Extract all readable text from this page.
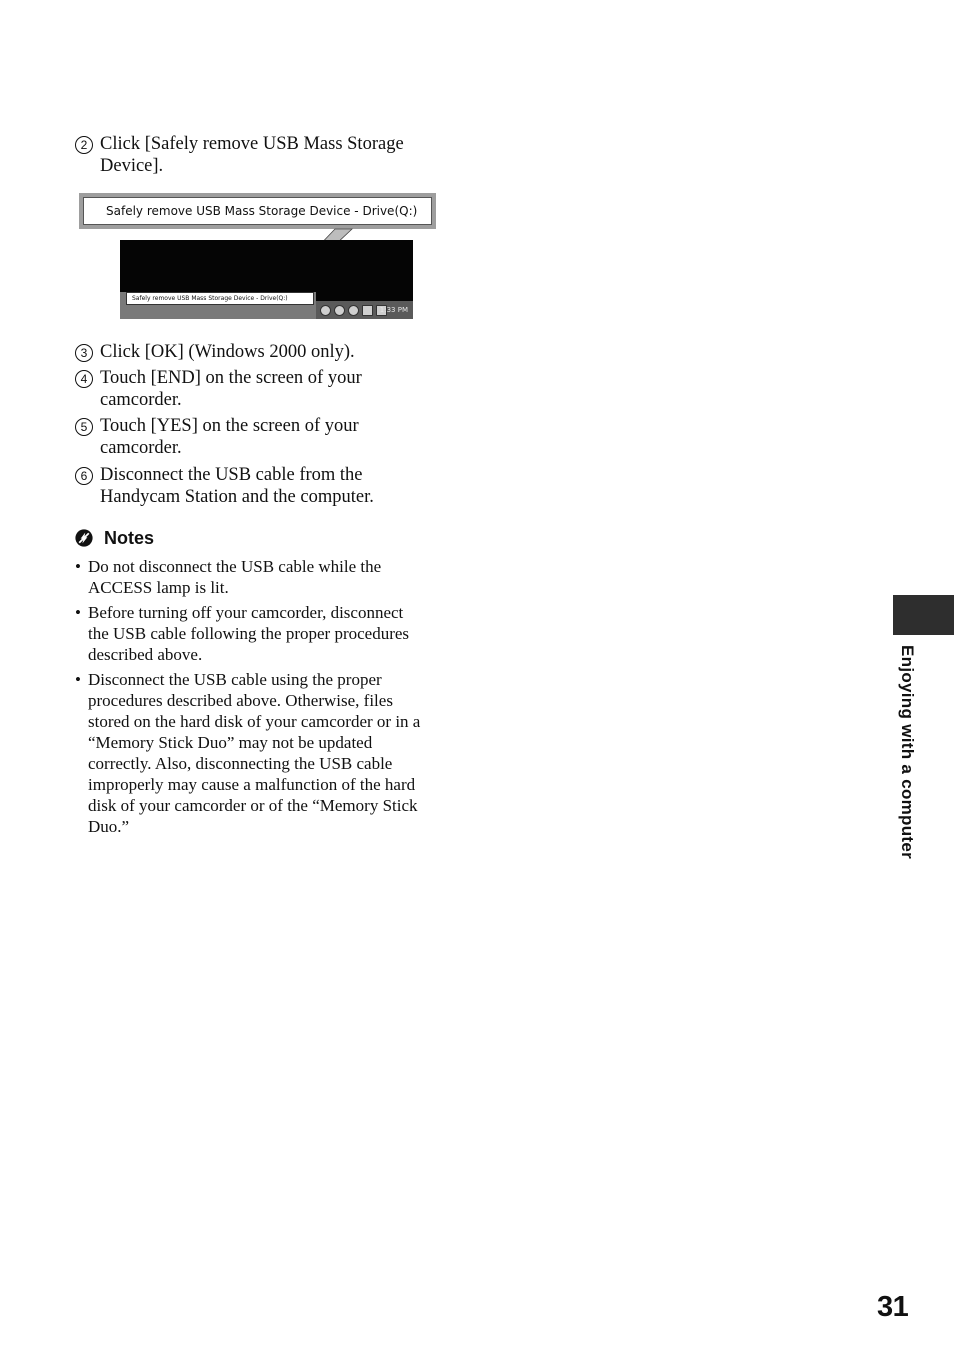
2 Click [Safely remove USB Mass Storage
Device].
Safely remove USB Mass Storage Device - Drive(Q:)
Safely remove USB Mass Storage Device - Drive(Q:)
1:33 PM
3 Click [OK] (Windows 2000 only).
4 Touch [END] on the screen of your
camcorder.
5 Touch [YES] on the screen of your
camcorder.
6 Disconnect the USB cable from the
Handycam Station and the computer.
Notes
• Do not disconnect the USB cable while the
ACCESS lamp is lit.
• Before turning off your camcorder, disconnect
the USB cable following the proper procedures
described above.
• Disconnect the USB cable using the proper
procedures described above. Otherwise, files
stored on the hard disk of your camcorder or in a
“Memory Stick Duo” may not be updated
correctly. Also, disconnecting the USB cable
improperly may cause a malfunction of the hard
disk of your camcorder or of the “Memory Stick
Duo.”	Enjoying with a computer
31
